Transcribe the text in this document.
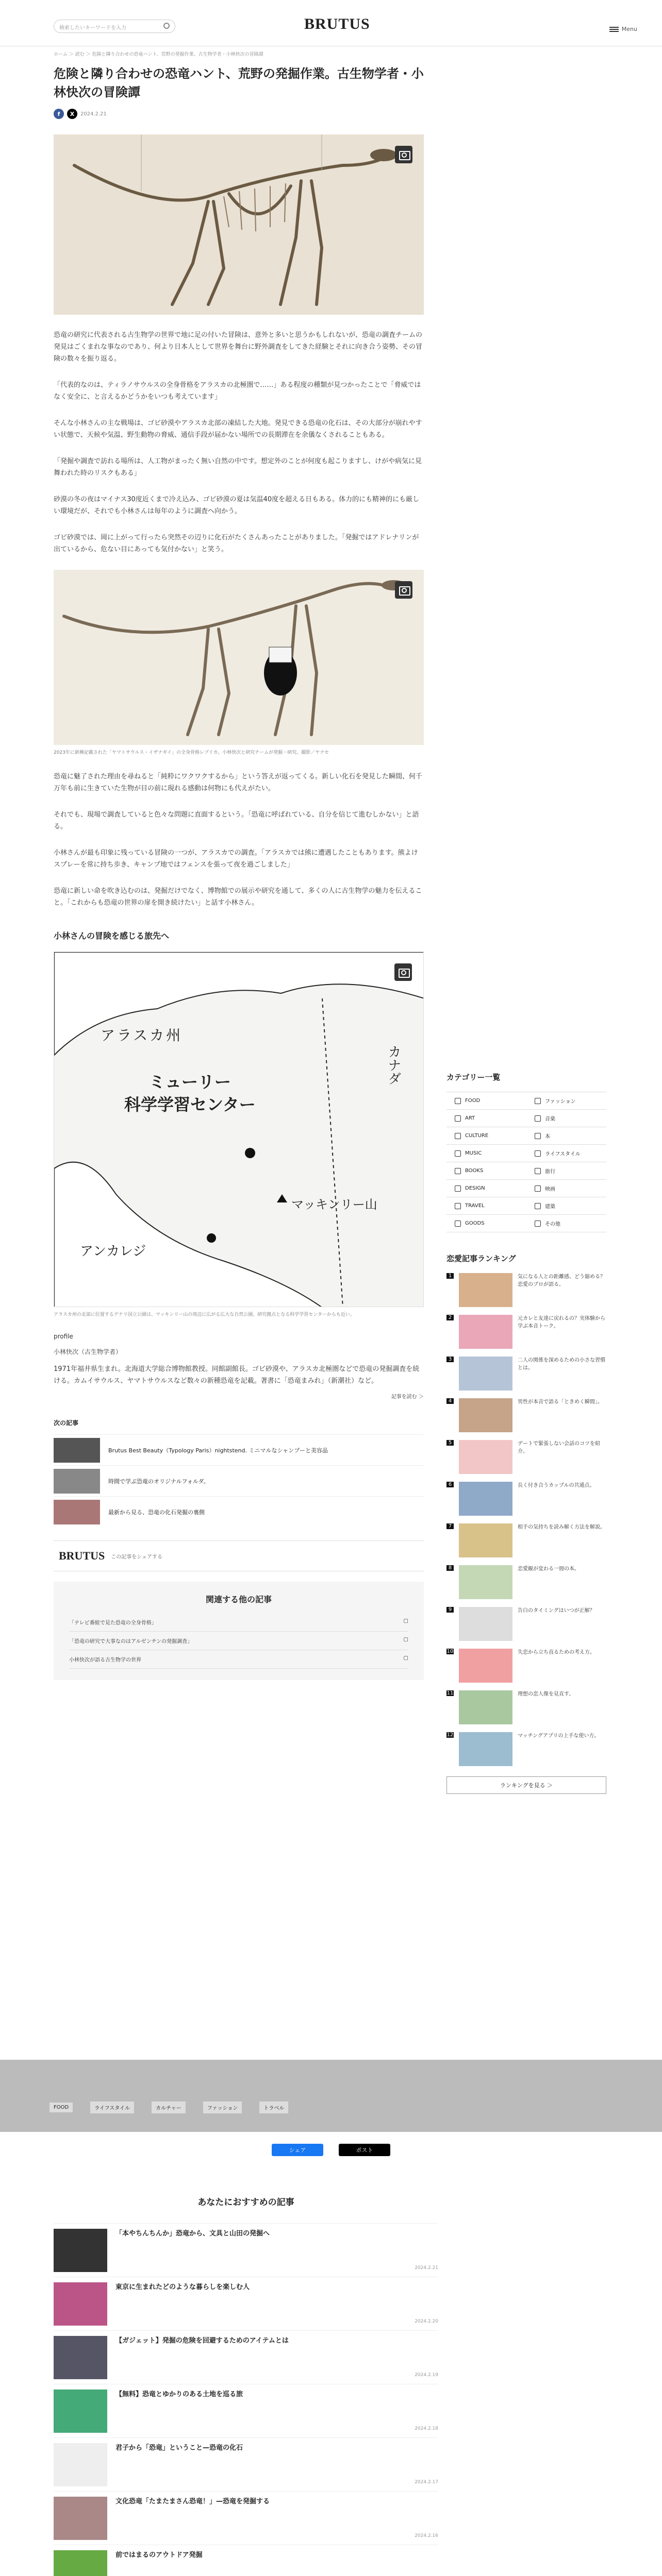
検索したいキーワードを入力	BRUTUS	Menu
ホーム ＞ 読む ＞ 危険と隣り合わせの恐竜ハント、荒野の発掘作業。古生物学者・小林快次の冒険譚
危険と隣り合わせの恐竜ハント、荒野の発掘作業。古生物学者・小林快次の冒険譚
f	X	2024.2.21
恐竜の研究に代表される古生物学の世界で地に足の付いた冒険は、意外と多いと思うかもしれないが、恐竜の調査チームの発見はごくまれな事なのであり、何より日本人として世界を舞台に野外調査をしてきた経験とそれに向き合う姿勢、その冒険の数々を振り返る。
「代表的なのは、ティラノサウルスの全身骨格をアラスカの北極圏で……」ある程度の種類が見つかったことで「脅威ではなく安全に、と言えるかどうかをいつも考えています」
そんな小林さんの主な戦場は、ゴビ砂漠やアラスカ北部の凍結した大地。発見できる恐竜の化石は、その大部分が崩れやすい状態で、天候や気温、野生動物の脅威、通信手段が届かない場所での長期滞在を余儀なくされることもある。
「発掘や調査で訪れる場所は、人工物がまったく無い自然の中です。想定外のことが何度も起こりますし、けがや病気に見舞われた時のリスクもある」
砂漠の冬の夜はマイナス30度近くまで冷え込み、ゴビ砂漠の夏は気温40度を超える日もある。体力的にも精神的にも厳しい環境だが、それでも小林さんは毎年のように調査へ向かう。
ゴビ砂漠では、岡に上がって行ったら突然その辺りに化石がたくさんあったことがありました。「発掘ではアドレナリンが出ているから、危ない目にあっても気付かない」と笑う。
2023年に新種記載された「ヤマトサウルス・イザナギイ」の全身骨格レプリカ。小林快次と研究チームが発掘・研究。撮影／ヤナセ
恐竜に魅了された理由を尋ねると「純粋にワクワクするから」という答えが返ってくる。新しい化石を発見した瞬間、何千万年も前に生きていた生物が目の前に現れる感動は何物にも代えがたい。
それでも、現場で調査していると色々な問題に直面するという。「恐竜に呼ばれている、自分を信じて進むしかない」と語る。
小林さんが最も印象に残っている冒険の一つが、アラスカでの調査。「アラスカでは熊に遭遇したこともあります。熊よけスプレーを常に持ち歩き、キャンプ地ではフェンスを張って夜を過ごしました」
恐竜に新しい命を吹き込むのは、発掘だけでなく、博物館での展示や研究を通して、多くの人に古生物学の魅力を伝えること。「これからも恐竜の世界の扉を開き続けたい」と話す小林さん。
小林さんの冒険を感じる旅先へ
アラスカ州
ミューリー
科学学習センター
カナダ
マッキンリー山
アンカレジ
アラスカ州の北部に位置するデナリ国立公園は、マッキンリー山の周辺に広がる広大な自然公園。研究拠点となる科学学習センターからも近い。
profile
小林快次（古生物学者）
1971年福井県生まれ。北海道大学総合博物館教授。同館副館長。ゴビ砂漠や、アラスカ北極圏などで恐竜の発掘調査を続ける。カムイサウルス、ヤマトサウルスなど数々の新種恐竜を記載。著書に「恐竜まみれ」（新潮社）など。
記事を読む ＞
次の記事
Brutus Best Beauty（Typology Paris）nightstend. ミニマルなシャンプーと美容品
時間で学ぶ恐竜のオリジナルフォルダ。
最新から見る、恐竜の化石発掘の裏側
BRUTUS この記事をシェアする
関連する他の記事
「テレビ番組で見た恐竜の全身骨格」	▢
「恐竜の研究で大事なのはアルゼンチンの発掘調査」	▢
小林快次が語る古生物学の世界	▢
カテゴリー一覧
FOOD	ファッション
ART	音楽
CULTURE	本
MUSIC	ライフスタイル
BOOKS	旅行
DESIGN	映画
TRAVEL	建築
GOODS	その他
恋愛記事ランキング
1	気になる人との距離感、どう縮める？恋愛のプロが語る。
2	元カレと友達に戻れるの？実体験から学ぶ本音トーク。
3	二人の関係を深めるための小さな習慣とは。
4	男性が本音で語る「ときめく瞬間」。
5	デートで緊張しない会話のコツを紹介。
6	長く付き合うカップルの共通点。
7	相手の気持ちを読み解く方法を解説。
8	恋愛観が変わる一冊の本。
9	告白のタイミングはいつが正解？
10	失恋から立ち直るための考え方。
11	理想の恋人像を見直す。
12	マッチングアプリの上手な使い方。
ランキングを見る ＞
FOOD	ライフスタイル	カルチャー	ファッション	トラベル
シェア	ポスト
あなたにおすすめの記事
「本やちんちんか」恐竜から、文具と山田の発掘へ
2024.2.21
東京に生まれたどのような暮らしを楽しむ人
2024.2.20
【ガジェット】発掘の危険を回避するためのアイテムとは
2024.2.19
【無料】恐竜とゆかりのある土地を巡る旅
2024.2.18
君子から「恐竜」ということ—恐竜の化石
2024.2.17
文化恐竜「たまたまさん恐竜！」—恐竜を発掘する
2024.2.16
前ではまるのアウトドア発掘
